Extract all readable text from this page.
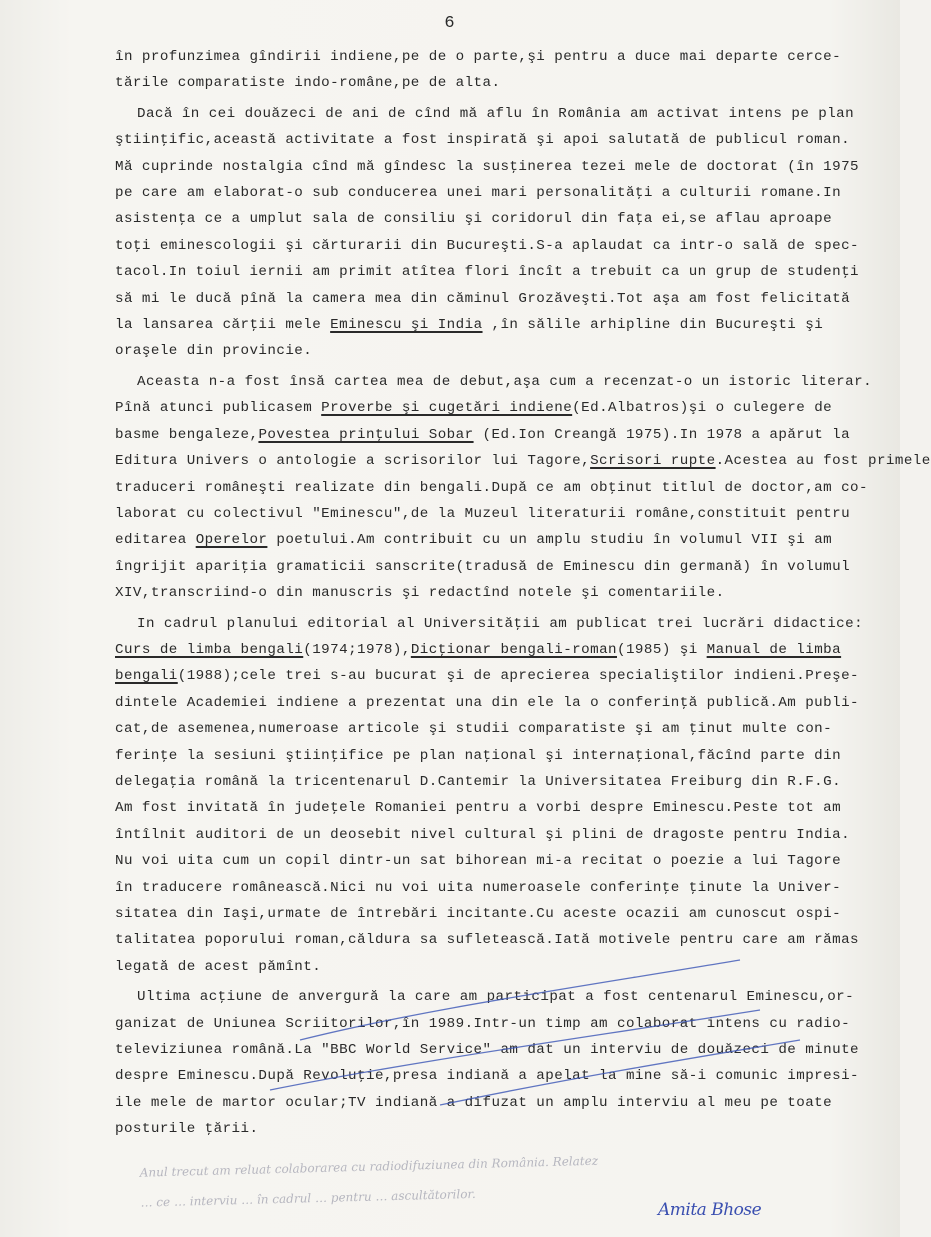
6
în profunzimea gîndirii indiene,pe de o parte,şi pentru a duce mai departe cerce-
tările comparatiste indo-române,pe de alta.
Dacă în cei douăzeci de ani de cînd mă aflu în România am activat intens pe plan
ştiinţific,această activitate a fost inspirată şi apoi salutată de publicul roman.
Mă cuprinde nostalgia cînd mă gîndesc la susţinerea tezei mele de doctorat (în 1975
pe care am elaborat-o sub conducerea unei mari personalităţi a culturii romane.In
asistenţa ce a umplut sala de consiliu şi coridorul din faţa ei,se aflau aproape
toţi eminescologii şi cărturarii din Bucureşti.S-a aplaudat ca intr-o sală de spec-
tacol.In toiul iernii am primit atîtea flori încît a trebuit ca un grup de studenţi
să mi le ducă pînă la camera mea din căminul Grozăveşti.Tot aşa am fost felicitată
la lansarea cărţii mele Eminescu şi India ,în sălile arhipline din Bucureşti şi
oraşele din provincie.
Aceasta n-a fost însă cartea mea de debut,aşa cum a recenzat-o un istoric literar.
Pînă atunci publicasem Proverbe şi cugetări indiene(Ed.Albatros)şi o culegere de
basme bengaleze,Povestea prinţului Sobar (Ed.Ion Creangă 1975).In 1978 a apărut la
Editura Univers o antologie a scrisorilor lui Tagore,Scrisori rupte.Acestea au fost primele
traduceri româneşti realizate din bengali.După ce am obţinut titlul de doctor,am co-
laborat cu colectivul "Eminescu",de la Muzeul literaturii române,constituit pentru
editarea Operelor poetului.Am contribuit cu un amplu studiu în volumul VII şi am
îngrijit apariţia gramaticii sanscrite(tradusă de Eminescu din germană) în volumul
XIV,transcriind-o din manuscris şi redactînd notele şi comentariile.
In cadrul planului editorial al Universităţii am publicat trei lucrări didactice:
Curs de limba bengali(1974;1978),Dicţionar bengali-roman(1985) şi Manual de limba
bengali(1988);cele trei s-au bucurat şi de aprecierea specialiştilor indieni.Preşe-
dintele Academiei indiene a prezentat una din ele la o conferinţă publică.Am publi-
cat,de asemenea,numeroase articole şi studii comparatiste şi am ţinut multe con-
ferinţe la sesiuni ştiinţifice pe plan naţional şi internaţional,făcînd parte din
delegaţia română la tricentenarul D.Cantemir la Universitatea Freiburg din R.F.G.
Am fost invitată în judeţele Romaniei pentru a vorbi despre Eminescu.Peste tot am
întîlnit auditori de un deosebit nivel cultural şi plini de dragoste pentru India.
Nu voi uita cum un copil dintr-un sat bihorean mi-a recitat o poezie a lui Tagore
în traducere românească.Nici nu voi uita numeroasele conferinţe ţinute la Univer-
sitatea din Iaşi,urmate de întrebări incitante.Cu aceste ocazii am cunoscut ospi-
talitatea poporului roman,căldura sa sufletească.Iată motivele pentru care am rămas
legată de acest pămînt.
Ultima acţiune de anvergură la care am participat a fost centenarul Eminescu,or-
ganizat de Uniunea Scriitorilor,în 1989.Intr-un timp am colaborat intens cu radio-
televiziunea română.La "BBC World Service" am dat un interviu de douăzeci de minute
despre Eminescu.După Revoluţie,presa indiană a apelat la mine să-i comunic impresi-
ile mele de martor ocular;TV indiană a difuzat un amplu interviu al meu pe toate
posturile ţării.
Anul trecut am reluat colaborarea cu radiodifuziunea din România. Relatez
… ce … interviu … în cadrul … pentru … ascultătorilor.
Amita Bhose
